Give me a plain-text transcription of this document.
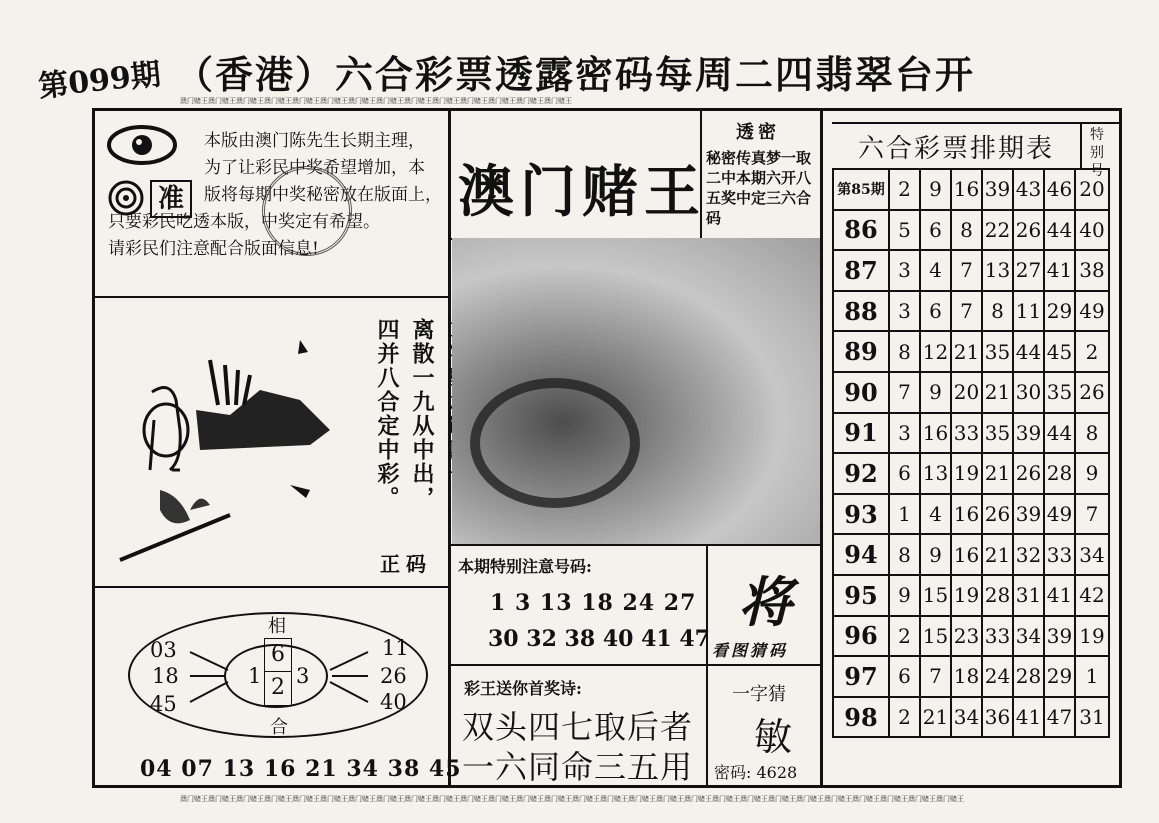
第099期 （香港）六合彩票透露密码每周二四翡翠台开
澳门赌王澳门赌王澳门赌王澳门赌王澳门赌王澳门赌王澳门赌王澳门赌王澳门赌王澳门赌王澳门赌王澳门赌王澳门赌王澳门赌王
澳门赌王澳门赌王澳门赌王澳门赌王澳门赌王澳门赌王澳门赌王澳门赌王澳门赌王澳门赌王澳门赌王澳门赌王澳门赌王澳门赌王澳门赌王澳门赌王澳门赌王澳门赌王澳门赌王澳门赌王澳门赌王澳门赌王澳门赌王澳门赌王澳门赌王澳门赌王澳门赌王澳门赌王
准

本版由澳门陈先生长期主理，

为了让彩民中奖希望增加，本

版将每期中奖秘密放在版面上，

只要彩民吃透本版，中奖定有希望。

请彩民们注意配合版面信息!

离散一九从中出，
四并八合定中彩。
正码
相
合
03
18
45
11
26
40
1
6
2 3
04 07 13 16 21 34 38 45
澳门赌王
透密
秘密传真梦一取二中本期六开八五奖中定三六合码
本期特别注意号码:
1 3 13 18 24 27
30 32 38 40 41 47
将
看图猜码
彩王送你首奖诗:
双头四七取后者
一六同命三五用
一字猜
敏
密码: 4628
六合彩票排期表	特别号
第85期	2	9	16	39	43	46	20
86	5	6	8	22	26	44	40
87	3	4	7	13	27	41	38
88	3	6	7	8	11	29	49
89	8	12	21	35	44	45	2
90	7	9	20	21	30	35	26
91	3	16	33	35	39	44	8
92	6	13	19	21	26	28	9
93	1	4	16	26	39	49	7
94	8	9	16	21	32	33	34
95	9	15	19	28	31	41	42
96	2	15	23	33	34	39	19
97	6	7	18	24	28	29	1
98	2	21	34	36	41	47	31
